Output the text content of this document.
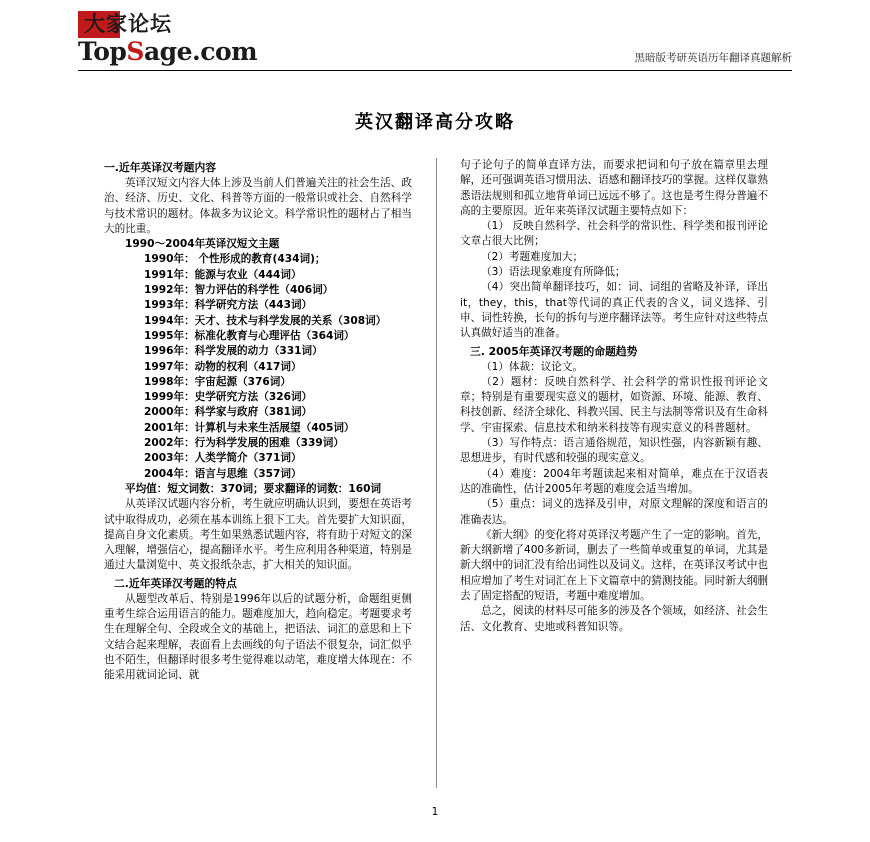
大家论坛
TopSage.com	黑暗版考研英语历年翻译真题解析
英汉翻译高分攻略

一.近年英译汉考题内容

英译汉短文内容大体上涉及当前人们普遍关注的社会生活、政治、经济、历史、文化、科普等方面的一般常识或社会、自然科学与技术常识的题材。体裁多为议论文。科学常识性的题材占了相当大的比重。

1990～2004年英译汉短文主题

1990年： 个性形成的教育(434词)；
1991年：能源与农业（444词）
1992年：智力评估的科学性（406词）
1993年：科学研究方法（443词）
1994年：天才、技术与科学发展的关系（308词）
1995年：标准化教育与心理评估（364词）
1996年：科学发展的动力（331词）
1997年：动物的权利（417词）
1998年：宇宙起源（376词）
1999年：史学研究方法（326词）
2000年：科学家与政府（381词）
2001年：计算机与未来生活展望（405词）
2002年：行为科学发展的困难（339词）
2003年：人类学简介（371词）
2004年：语言与思维（357词）

平均值：短文词数：370词；要求翻译的词数：160词

从英译汉试题内容分析，考生就应明确认识到，要想在英语考试中取得成功，必须在基本训练上狠下工夫。首先要扩大知识面，提高自身文化素质。考生如果熟悉试题内容，将有助于对短文的深入理解，增强信心，提高翻译水平。考生应利用各种渠道，特别是通过大量浏览中、英文报纸杂志，扩大相关的知识面。

二.近年英译汉考题的特点

从题型改革后、特别是1996年以后的试题分析，命题组更侧重考生综合运用语言的能力。题难度加大，趋向稳定。考题要求考生在理解全句、全段或全文的基础上，把语法、词汇的意思和上下文结合起来理解，表面看上去画线的句子语法不很复杂，词汇似乎也不陌生，但翻译时很多考生觉得难以动笔，难度增大体现在：不能采用就词论词、就

句子论句子的简单直译方法，而要求把词和句子放在篇章里去理解，还可强调英语习惯用法、语感和翻译技巧的掌握。这样仅靠熟悉语法规则和孤立地背单词已远远不够了。这也是考生得分普遍不高的主要原因。近年来英译汉试题主要特点如下：

（1） 反映自然科学、社会科学的常识性、科学类和报刊评论文章占很大比例；

（2）考题难度加大；

（3）语法现象难度有所降低；

（4）突出简单翻译技巧，如：词、词组的省略及补译，译出it，they，this，that等代词的真正代表的含义，词义选择、引申、词性转换，长句的拆句与逆序翻译法等。考生应针对这些特点认真做好适当的准备。

三. 2005年英译汉考题的命题趋势

（1）体裁：议论文。

（2）题材：反映自然科学、社会科学的常识性报刊评论文章；特别是有重要现实意义的题材，如资源、环境、能源、教育、科技创新、经济全球化、科教兴国、民主与法制等常识及有生命科学、宇宙探索、信息技术和纳米科技等有现实意义的科普题材。

（3）写作特点：语言通俗规范，知识性强，内容新颖有趣、思想进步，有时代感和较强的现实意义。

（4）难度：2004年考题读起来相对简单，难点在于汉语表达的准确性，估计2005年考题的难度会适当增加。

（5）重点：词义的选择及引申，对原文理解的深度和语言的准确表达。

《新大纲》的变化将对英译汉考题产生了一定的影响。首先，新大纲新增了400多新词，删去了一些简单或重复的单词，尤其是新大纲中的词汇没有给出词性以及词义。这样，在英译汉考试中也相应增加了考生对词汇在上下文篇章中的猜测技能。同时新大纲删去了固定搭配的短语，考题中难度增加。

总之，阅读的材料尽可能多的涉及各个领域，如经济、社会生活、文化教育、史地或科普知识等。

1
